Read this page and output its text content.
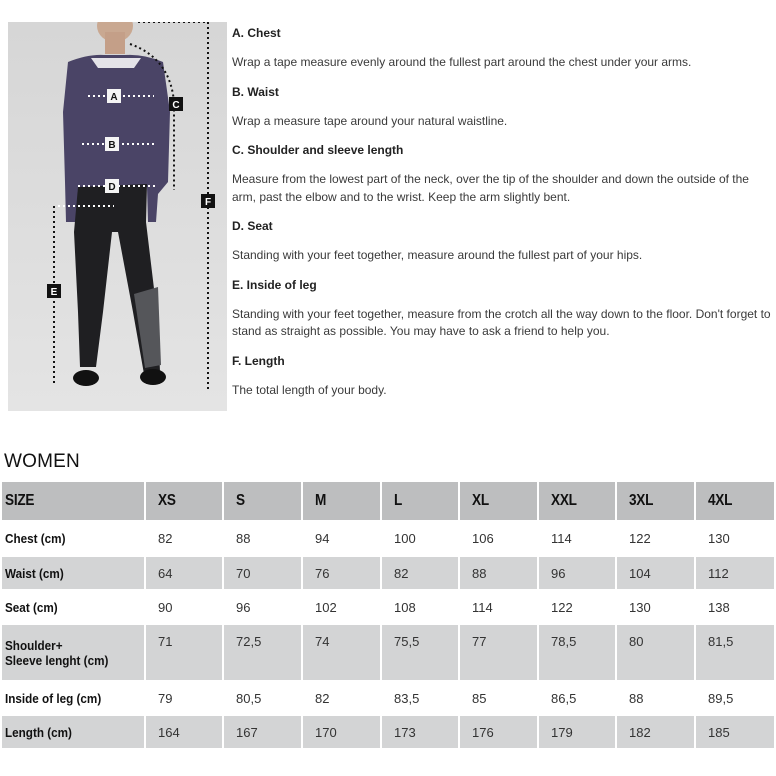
A
B
D
C
F
E

A. Chest

Wrap a tape measure evenly around the fullest part around the chest under your arms.

B. Waist

Wrap a measure tape around your natural waistline.

C. Shoulder and sleeve length

Measure from the lowest part of the neck, over the tip of the shoulder and down the outside of the arm, past the elbow and to the wrist. Keep the arm slightly bent.

D. Seat

Standing with your feet together, measure around the fullest part of your hips.

E. Inside of leg

Standing with your feet together, measure from the crotch all the way down to the floor. Don't forget to stand as straight as possible. You may have to ask a friend to help you.

F. Length

The total length of your body.

WOMEN
SIZE	XS	S	M	L	XL	XXL	3XL	4XL
Chest (cm)	82	88	94	100	106	114	122	130
Waist (cm)	64	70	76	82	88	96	104	112
Seat (cm)	90	96	102	108	114	122	130	138
Shoulder+
Sleeve lenght (cm)	71	72,5	74	75,5	77	78,5	80	81,5
Inside of leg (cm)	79	80,5	82	83,5	85	86,5	88	89,5
Length (cm)	164	167	170	173	176	179	182	185
